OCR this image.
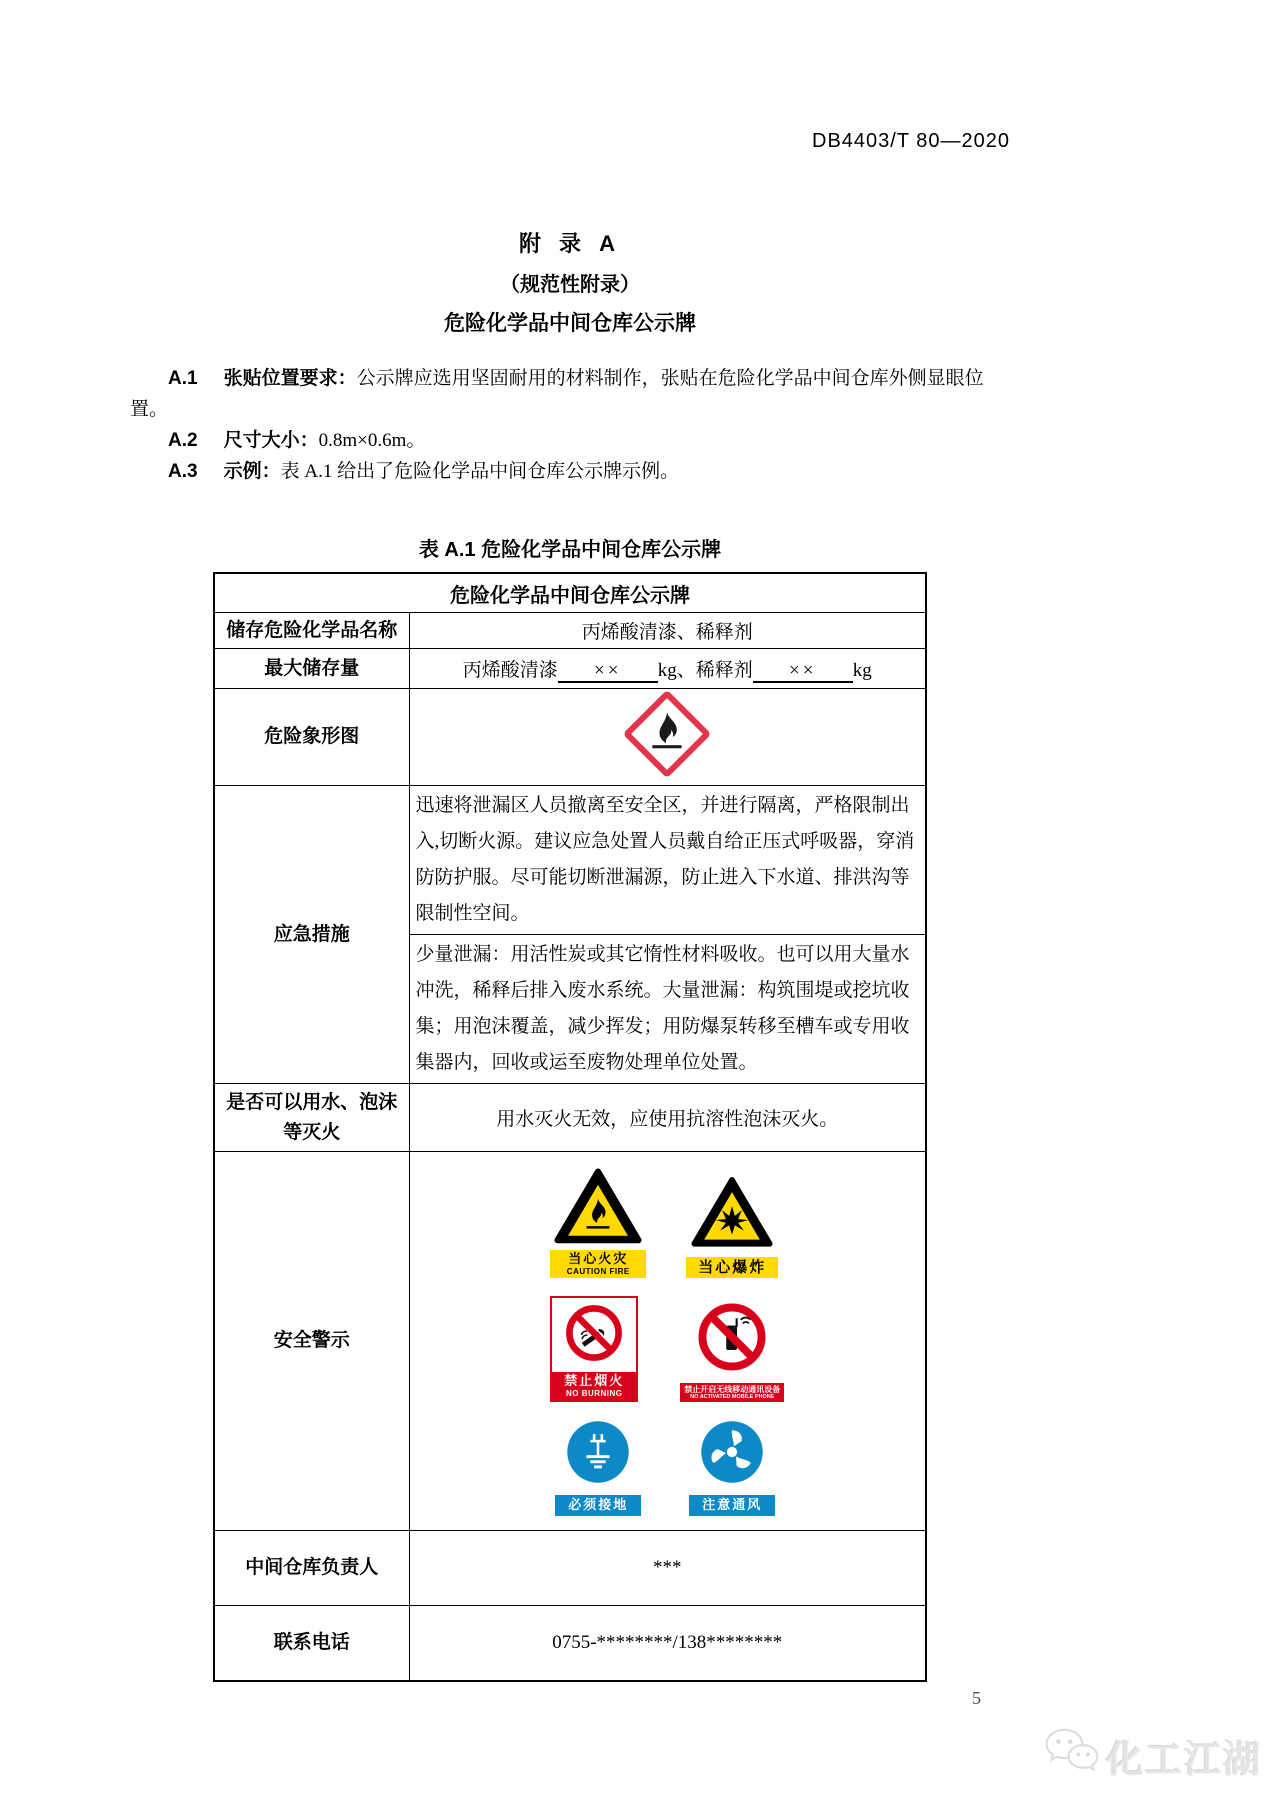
DB4403/T 80—2020

附 录 A

（规范性附录）

危险化学品中间仓库公示牌

A.1 张贴位置要求：公示牌应选用坚固耐用的材料制作，张贴在危险化学品中间仓库外侧显眼位置。

A.2 尺寸大小：0.8m×0.6m。

A.3 示例：表 A.1 给出了危险化学品中间仓库公示牌示例。

表 A.1 危险化学品中间仓库公示牌

危险化学品中间仓库公示牌	
储存危险化学品名称	丙烯酸清漆、稀释剂
最大储存量	丙烯酸清漆 ×× kg、稀释剂 ×× kg
危险象形图	
应急措施	迅速将泄漏区人员撤离至安全区，并进行隔离，严格限制出入,切断火源。建议应急处置人员戴自给正压式呼吸器，穿消防防护服。尽可能切断泄漏源，防止进入下水道、排洪沟等限制性空间。
	少量泄漏：用活性炭或其它惰性材料吸收。也可以用大量水冲洗，稀释后排入废水系统。大量泄漏：构筑围堤或挖坑收集；用泡沫覆盖，减少挥发；用防爆泵转移至槽车或专用收集器内，回收或运至废物处理单位处置。
是否可以用水、泡沫等灭火	用水灭火无效，应使用抗溶性泡沫灭火。
安全警示	
当心火灾
CAUTION FIRE	当心爆炸
禁止烟火
NO BURNING	禁止开启无线移动通讯设备
NO ACTIVATED MOBILE PHONE
必须接地	注意通风

中间仓库负责人	***
联系电话	0755-********/138********
5
化工江湖
